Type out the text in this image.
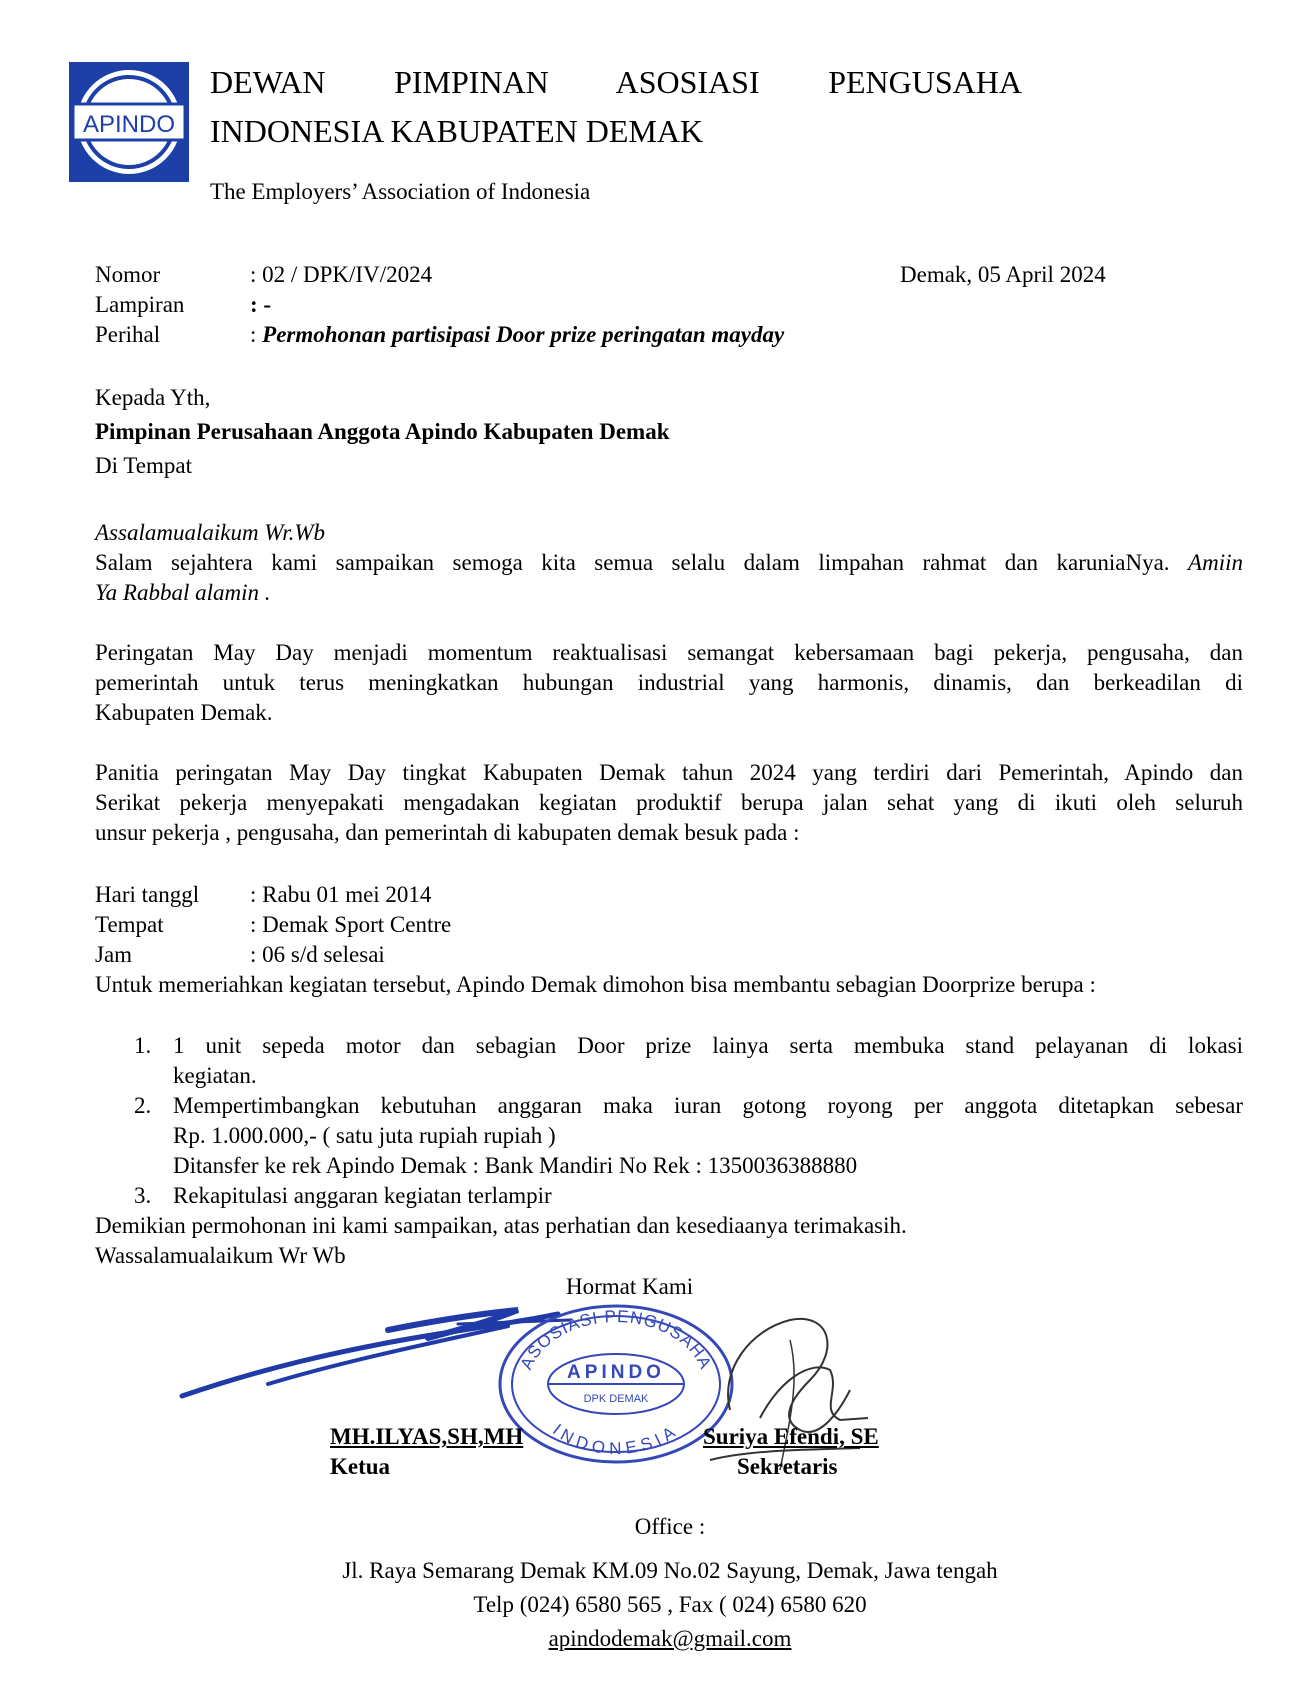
APINDO
DEWAN PIMPINAN ASOSIASI PENGUSAHA
INDONESIA KABUPATEN DEMAK
The Employers’ Association of Indonesia
Nomor	: 02 / DPK/IV/2024	Demak, 05 April 2024
Lampiran	: -
Perihal	: Permohonan partisipasi Door prize peringatan mayday
Kepada Yth,
Pimpinan Perusahaan Anggota Apindo Kabupaten Demak
Di Tempat
Assalamualaikum Wr.Wb
Salam sejahtera kami sampaikan semoga kita semua selalu dalam limpahan rahmat dan karuniaNya. Amiin
Ya Rabbal alamin .
Peringatan May Day menjadi momentum reaktualisasi semangat kebersamaan bagi pekerja, pengusaha, dan
pemerintah untuk terus meningkatkan hubungan industrial yang harmonis, dinamis, dan berkeadilan di
Kabupaten Demak.
Panitia peringatan May Day tingkat Kabupaten Demak tahun 2024 yang terdiri dari Pemerintah, Apindo dan
Serikat pekerja menyepakati mengadakan kegiatan produktif berupa jalan sehat yang di ikuti oleh seluruh
unsur pekerja , pengusaha, dan pemerintah di kabupaten demak besuk pada :
Hari tanggl : Rabu 01 mei 2014
Tempat	: Demak Sport Centre
Jam	: 06 s/d selesai
Untuk memeriahkan kegiatan tersebut, Apindo Demak dimohon bisa membantu sebagian Doorprize berupa :
1. 1 unit sepeda motor dan sebagian Door prize lainya serta membuka stand pelayanan di lokasi
kegiatan.
2. Mempertimbangkan kebutuhan anggaran maka iuran gotong royong per anggota ditetapkan sebesar
Rp. 1.000.000,- ( satu juta rupiah rupiah )
Ditansfer ke rek Apindo Demak : Bank Mandiri No Rek : 1350036388880
3. Rekapitulasi anggaran kegiatan terlampir
Demikian permohonan ini kami sampaikan, atas perhatian dan kesediaanya terimakasih.
Wassalamualaikum Wr Wb
Hormat Kami
ASOSIASI PENGUSAHA
INDONESIA
APINDO
DPK DEMAK
MH.ILYAS,SH,MH
Ketua
Suriya Efendi, SE
Sekretaris
Office :
Jl. Raya Semarang Demak KM.09 No.02 Sayung, Demak, Jawa tengah
Telp (024) 6580 565 , Fax ( 024) 6580 620
apindodemak@gmail.com
